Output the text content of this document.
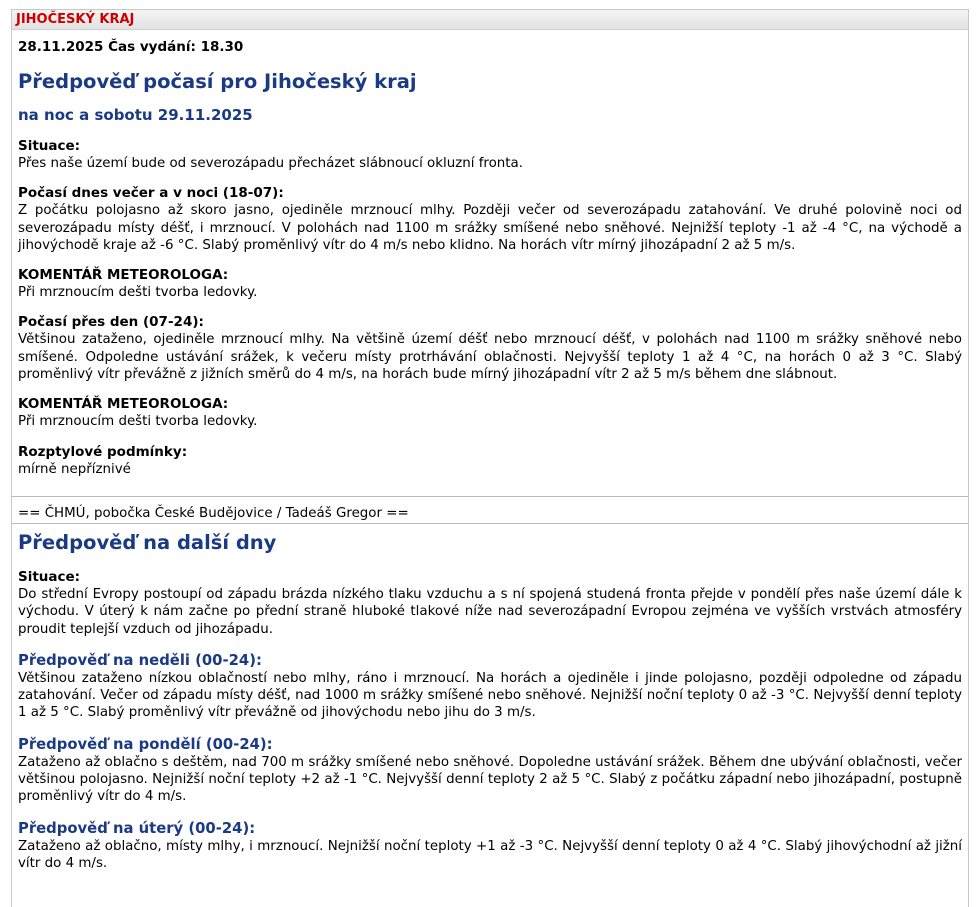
JIHOČESKÝ KRAJ
28.11.2025 Čas vydání: 18.30
Předpověď počasí pro Jihočeský kraj
na noc a sobotu 29.11.2025
Situace:

Přes naše území bude od severozápadu přecházet slábnoucí okluzní fronta.

Počasí dnes večer a v noci (18-07):

Z počátku polojasno až skoro jasno, ojediněle mrznoucí mlhy. Později večer od severozápadu zatahování. Ve druhé polovině noci od severozápadu místy déšť, i mrznoucí. V polohách nad 1100 m srážky smíšené nebo sněhové. Nejnižší teploty -1 až -4 °C, na východě a jihovýchodě kraje až -6 °C. Slabý proměnlivý vítr do 4 m/s nebo klidno. Na horách vítr mírný jihozápadní 2 až 5 m/s.

KOMENTÁŘ METEOROLOGA:

Při mrznoucím dešti tvorba ledovky.

Počasí přes den (07-24):

Většinou zataženo, ojediněle mrznoucí mlhy. Na většině území déšť nebo mrznoucí déšť, v polohách nad 1100 m srážky sněhové nebo smíšené. Odpoledne ustávání srážek, k večeru místy protrhávání oblačnosti. Nejvyšší teploty 1 až 4 °C, na horách 0 až 3 °C. Slabý proměnlivý vítr převážně z jižních směrů do 4 m/s, na horách bude mírný jihozápadní vítr 2 až 5 m/s během dne slábnout.

KOMENTÁŘ METEOROLOGA:

Při mrznoucím dešti tvorba ledovky.

Rozptylové podmínky:

mírně nepříznivé

== ČHMÚ, pobočka České Budějovice / Tadeáš Gregor ==
Předpověď na další dny
Situace:

Do střední Evropy postoupí od západu brázda nízkého tlaku vzduchu a s ní spojená studená fronta přejde v pondělí přes naše území dále k východu. V úterý k nám začne po přední straně hluboké tlakové níže nad severozápadní Evropou zejména ve vyšších vrstvách atmosféry proudit teplejší vzduch od jihozápadu.

Předpověď na neděli (00-24):

Většinou zataženo nízkou oblačností nebo mlhy, ráno i mrznoucí. Na horách a ojediněle i jinde polojasno, později odpoledne od západu zatahování. Večer od západu místy déšť, nad 1000 m srážky smíšené nebo sněhové. Nejnižší noční teploty 0 až -3 °C. Nejvyšší denní teploty 1 až 5 °C. Slabý proměnlivý vítr převážně od jihovýchodu nebo jihu do 3 m/s.

Předpověď na pondělí (00-24):

Zataženo až oblačno s deštěm, nad 700 m srážky smíšené nebo sněhové. Dopoledne ustávání srážek. Během dne ubývání oblačnosti, večer většinou polojasno. Nejnižší noční teploty +2 až -1 °C. Nejvyšší denní teploty 2 až 5 °C. Slabý z počátku západní nebo jihozápadní, postupně proměnlivý vítr do 4 m/s.

Předpověď na úterý (00-24):

Zataženo až oblačno, místy mlhy, i mrznoucí. Nejnižší noční teploty +1 až -3 °C. Nejvyšší denní teploty 0 až 4 °C. Slabý jihovýchodní až jižní vítr do 4 m/s.
